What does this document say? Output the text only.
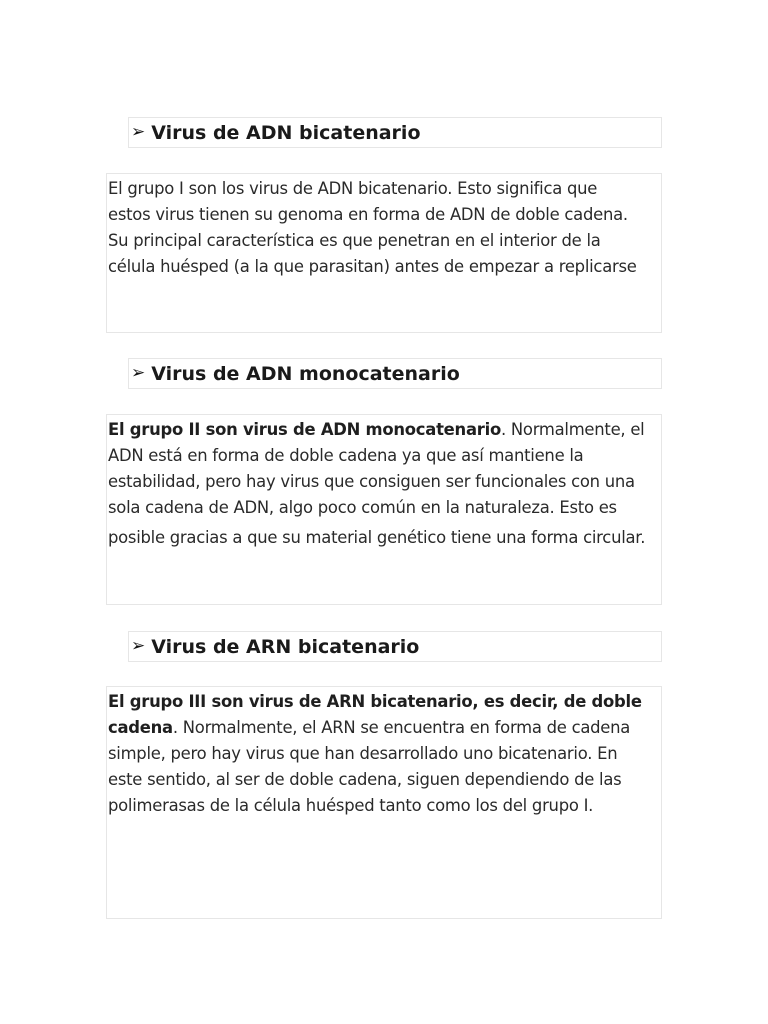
➢ Virus de ADN bicatenario

El grupo I son los virus de ADN bicatenario. Esto significa que
estos virus tienen su genoma en forma de ADN de doble cadena.
Su principal característica es que penetran en el interior de la
célula huésped (a la que parasitan) antes de empezar a replicarse

➢ Virus de ADN monocatenario

El grupo II son virus de ADN monocatenario. Normalmente, el
ADN está en forma de doble cadena ya que así mantiene la
estabilidad, pero hay virus que consiguen ser funcionales con una
sola cadena de ADN, algo poco común en la naturaleza. Esto es
posible gracias a que su material genético tiene una forma circular.

➢ Virus de ARN bicatenario

El grupo III son virus de ARN bicatenario, es decir, de doble
cadena. Normalmente, el ARN se encuentra en forma de cadena
simple, pero hay virus que han desarrollado uno bicatenario. En
este sentido, al ser de doble cadena, siguen dependiendo de las
polimerasas de la célula huésped tanto como los del grupo I.
